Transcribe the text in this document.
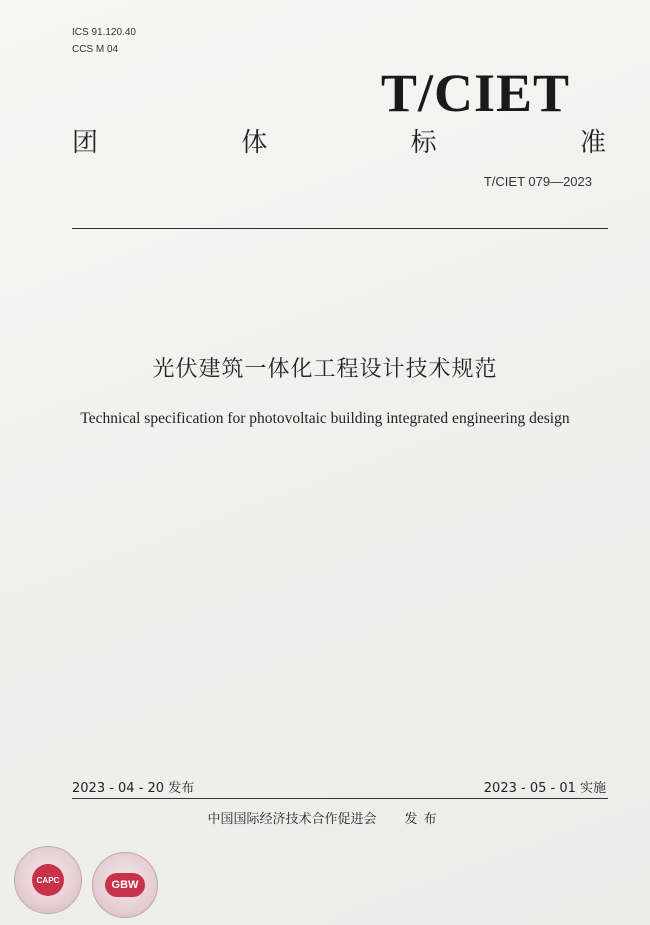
ICS 91.120.40
CCS M 04
T/CIET
团	体	标	准
T/CIET 079—2023
光伏建筑一体化工程设计技术规范
Technical specification for photovoltaic building integrated engineering design
2023 - 04 - 20 发布	2023 - 05 - 01 实施
中国国际经济技术合作促进会 发布
CAPC	GBW
